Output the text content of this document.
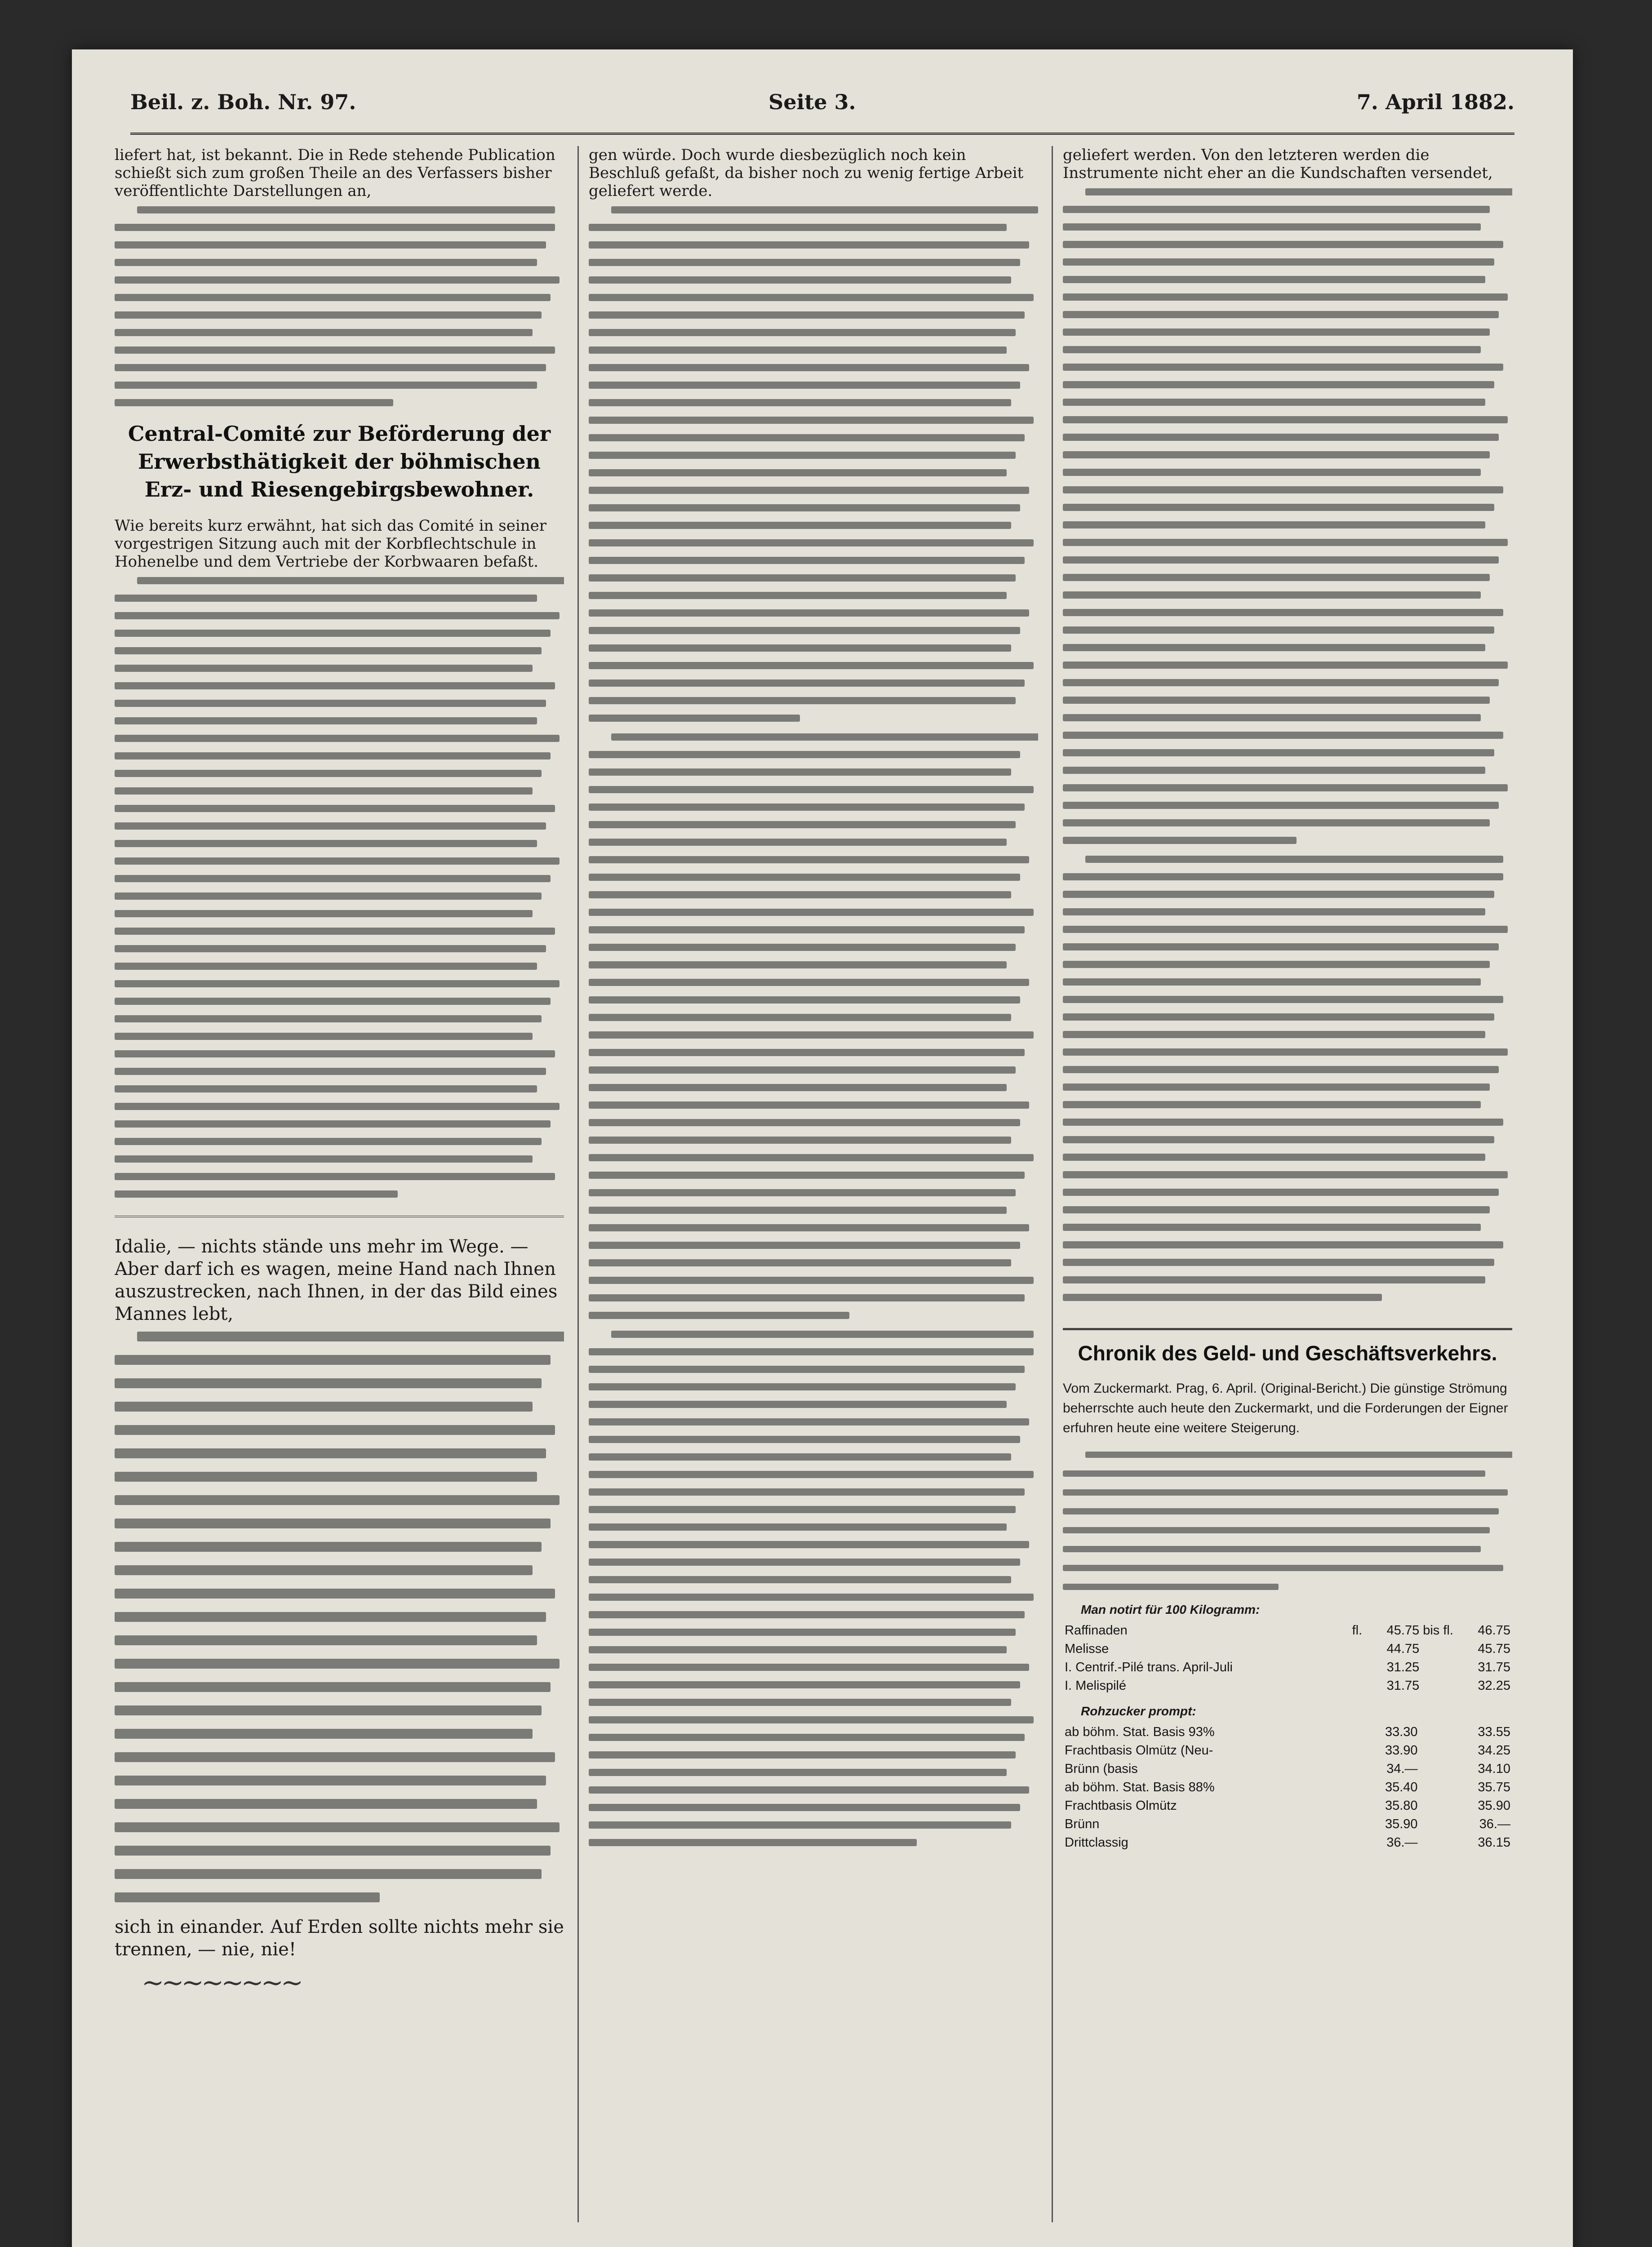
Beil. z. Boh. Nr. 97.	Seite 3.	7. April 1882.

liefert hat, ist bekannt. Die in Rede stehende Publication schießt sich zum großen Theile an des Verfassers bisher veröffentlichte Darstellungen an,

Central-Comité zur Beförderung der Erwerbsthätigkeit der böhmischen Erz- und Riesengebirgsbewohner.

Wie bereits kurz erwähnt, hat sich das Comité in seiner vorgestrigen Sitzung auch mit der Korbflechtschule in Hohenelbe und dem Vertriebe der Korbwaaren befaßt.

Idalie, — nichts stände uns mehr im Wege. — Aber darf ich es wagen, meine Hand nach Ihnen auszustrecken, nach Ihnen, in der das Bild eines Mannes lebt,

sich in einander. Auf Erden sollte nichts mehr sie trennen, — nie, nie!

∼∼∼∼∼∼∼∼

gen würde. Doch wurde diesbezüglich noch kein Beschluß gefaßt, da bisher noch zu wenig fertige Arbeit geliefert werde.

geliefert werden. Von den letzteren werden die Instrumente nicht eher an die Kundschaften versendet,

Chronik des Geld- und Geschäftsverkehrs.

Vom Zuckermarkt. Prag, 6. April. (Original-Bericht.) Die günstige Strömung beherrschte auch heute den Zuckermarkt, und die Forderungen der Eigner erfuhren heute eine weitere Steigerung.

Man notirt für 100 Kilogramm:
Raffinaden	fl.	45.75	bis fl.	46.75
Melisse		44.75		45.75
I. Centrif.-Pilé trans. April-Juli		31.25		31.75
I. Melispilé		31.75		32.25
Rohzucker prompt:
ab böhm. Stat. Basis 93%		33.30		33.55
Frachtbasis Olmütz (Neu-		33.90		34.25
Brünn (basis		34.—		34.10
ab böhm. Stat. Basis 88%		35.40		35.75
Frachtbasis Olmütz		35.80		35.90
Brünn		35.90		36.—
Drittclassig		36.—		36.15
